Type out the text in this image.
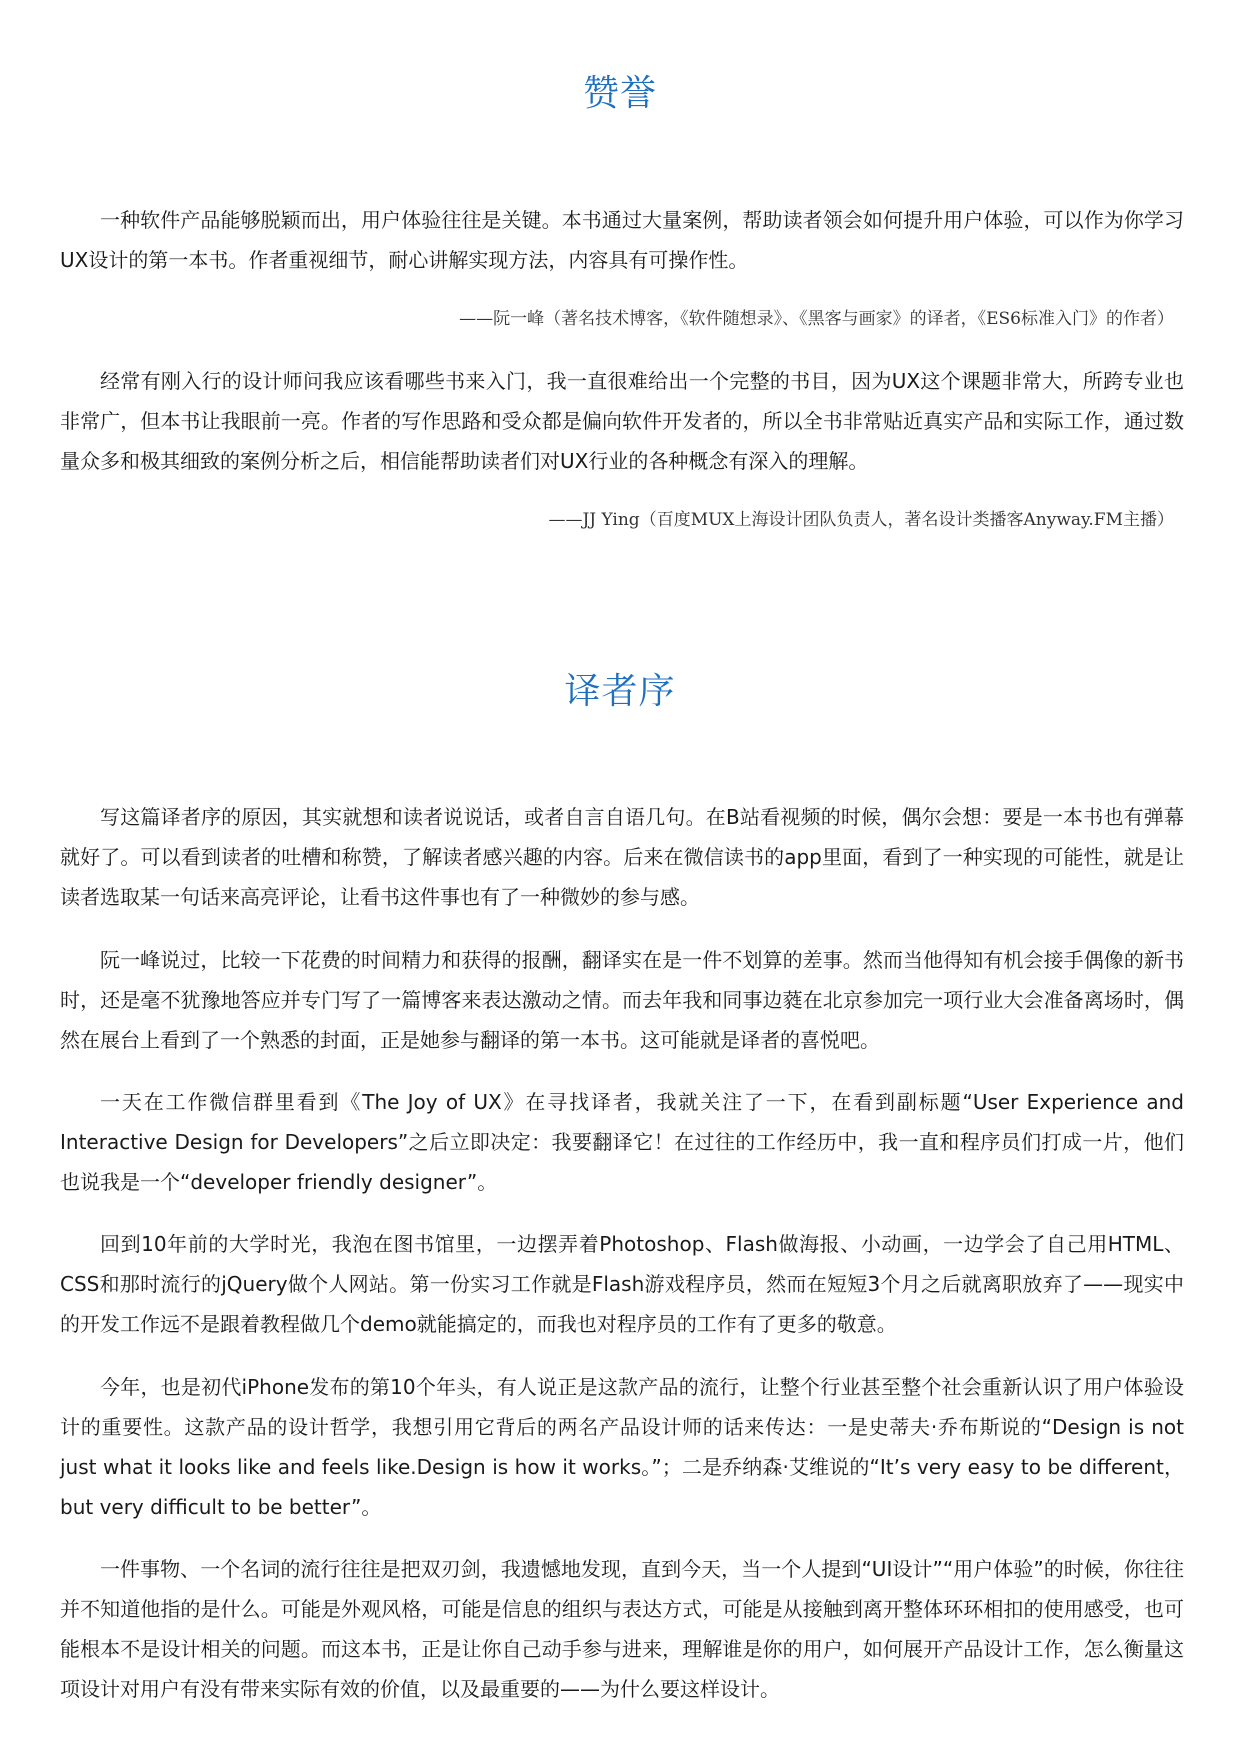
赞誉

一种软件产品能够脱颖而出，用户体验往往是关键。本书通过大量案例，帮助读者领会如何提升用户体验，可以作为你学习UX设计的第一本书。作者重视细节，耐心讲解实现方法，内容具有可操作性。

——阮一峰（著名技术博客，《软件随想录》、《黑客与画家》的译者，《ES6标准入门》的作者）

经常有刚入行的设计师问我应该看哪些书来入门，我一直很难给出一个完整的书目，因为UX这个课题非常大，所跨专业也非常广，但本书让我眼前一亮。作者的写作思路和受众都是偏向软件开发者的，所以全书非常贴近真实产品和实际工作，通过数量众多和极其细致的案例分析之后，相信能帮助读者们对UX行业的各种概念有深入的理解。

——JJ Ying（百度MUX上海设计团队负责人，著名设计类播客Anyway.FM主播）

译者序

写这篇译者序的原因，其实就想和读者说说话，或者自言自语几句。在B站看视频的时候，偶尔会想：要是一本书也有弹幕就好了。可以看到读者的吐槽和称赞，了解读者感兴趣的内容。后来在微信读书的app里面，看到了一种实现的可能性，就是让读者选取某一句话来高亮评论，让看书这件事也有了一种微妙的参与感。

阮一峰说过，比较一下花费的时间精力和获得的报酬，翻译实在是一件不划算的差事。然而当他得知有机会接手偶像的新书时，还是毫不犹豫地答应并专门写了一篇博客来表达激动之情。而去年我和同事边蕤在北京参加完一项行业大会准备离场时，偶然在展台上看到了一个熟悉的封面，正是她参与翻译的第一本书。这可能就是译者的喜悦吧。

一天在工作微信群里看到《The Joy of UX》在寻找译者，我就关注了一下，在看到副标题“User Experience and Interactive Design for Developers”之后立即决定：我要翻译它！在过往的工作经历中，我一直和程序员们打成一片，他们也说我是一个“developer friendly designer”。

回到10年前的大学时光，我泡在图书馆里，一边摆弄着Photoshop、Flash做海报、小动画，一边学会了自己用HTML、CSS和那时流行的jQuery做个人网站。第一份实习工作就是Flash游戏程序员，然而在短短3个月之后就离职放弃了——现实中的开发工作远不是跟着教程做几个demo就能搞定的，而我也对程序员的工作有了更多的敬意。

今年，也是初代iPhone发布的第10个年头，有人说正是这款产品的流行，让整个行业甚至整个社会重新认识了用户体验设计的重要性。这款产品的设计哲学，我想引用它背后的两名产品设计师的话来传达：一是史蒂夫·乔布斯说的“Design is not just what it looks like and feels like.Design is how it works。”；二是乔纳森·艾维说的“It’s very easy to be different，but very difficult to be better”。

一件事物、一个名词的流行往往是把双刃剑，我遗憾地发现，直到今天，当一个人提到“UI设计”“用户体验”的时候，你往往并不知道他指的是什么。可能是外观风格，可能是信息的组织与表达方式，可能是从接触到离开整体环环相扣的使用感受，也可能根本不是设计相关的问题。而这本书，正是让你自己动手参与进来，理解谁是你的用户，如何展开产品设计工作，怎么衡量这项设计对用户有没有带来实际有效的价值，以及最重要的——为什么要这样设计。
